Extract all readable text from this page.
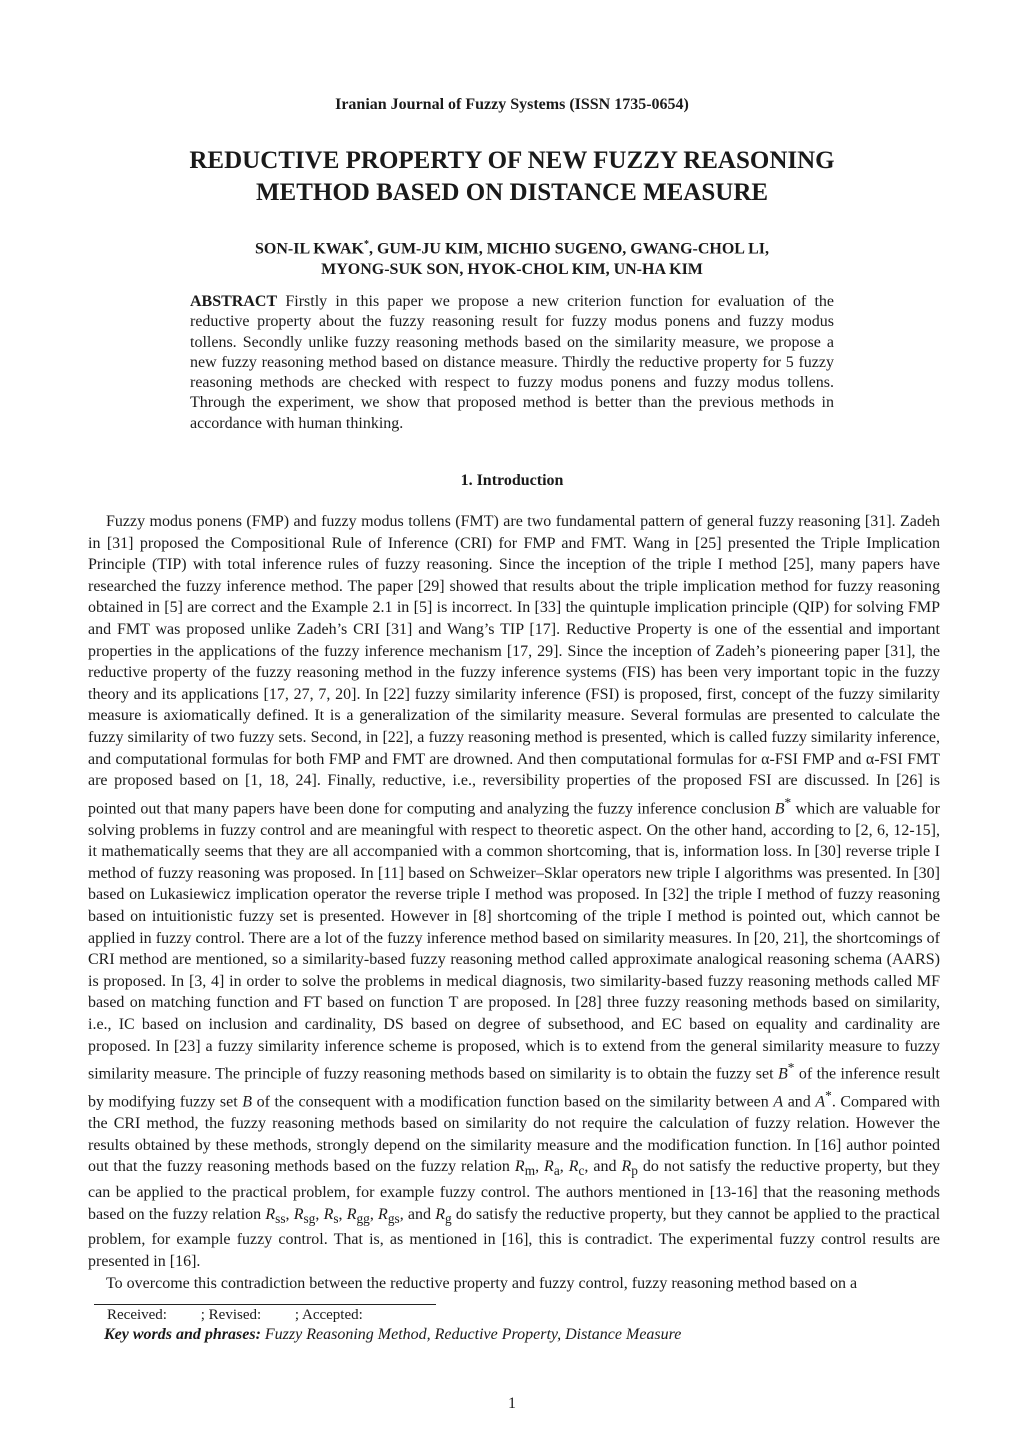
Iranian Journal of Fuzzy Systems (ISSN 1735-0654)
REDUCTIVE PROPERTY OF NEW FUZZY REASONING
METHOD BASED ON DISTANCE MEASURE
SON-IL KWAK*, GUM-JU KIM, MICHIO SUGENO, GWANG-CHOL LI,
MYONG-SUK SON, HYOK-CHOL KIM, UN-HA KIM
ABSTRACT Firstly in this paper we propose a new criterion function for evaluation of the reductive property about the fuzzy reasoning result for fuzzy modus ponens and fuzzy modus tollens. Secondly unlike fuzzy reasoning methods based on the similarity measure, we propose a new fuzzy reasoning method based on distance measure. Thirdly the reductive property for 5 fuzzy reasoning methods are checked with respect to fuzzy modus ponens and fuzzy modus tollens. Through the experiment, we show that proposed method is better than the previous methods in accordance with human thinking.
1. Introduction

Fuzzy modus ponens (FMP) and fuzzy modus tollens (FMT) are two fundamental pattern of general fuzzy reasoning [31]. Zadeh in [31] proposed the Compositional Rule of Inference (CRI) for FMP and FMT. Wang in [25] presented the Triple Implication Principle (TIP) with total inference rules of fuzzy reasoning. Since the inception of the triple I method [25], many papers have researched the fuzzy inference method. The paper [29] showed that results about the triple implication method for fuzzy reasoning obtained in [5] are correct and the Example 2.1 in [5] is incorrect. In [33] the quintuple implication principle (QIP) for solving FMP and FMT was proposed unlike Zadeh’s CRI [31] and Wang’s TIP [17]. Reductive Property is one of the essential and important properties in the applications of the fuzzy inference mechanism [17, 29]. Since the inception of Zadeh’s pioneering paper [31], the reductive property of the fuzzy reasoning method in the fuzzy inference systems (FIS) has been very important topic in the fuzzy theory and its applications [17, 27, 7, 20]. In [22] fuzzy similarity inference (FSI) is proposed, first, concept of the fuzzy similarity measure is axiomatically defined. It is a generalization of the similarity measure. Several formulas are presented to calculate the fuzzy similarity of two fuzzy sets. Second, in [22], a fuzzy reasoning method is presented, which is called fuzzy similarity inference, and computational formulas for both FMP and FMT are drowned. And then computational formulas for α-FSI FMP and α-FSI FMT are proposed based on [1, 18, 24]. Finally, reductive, i.e., reversibility properties of the proposed FSI are discussed. In [26] is pointed out that many papers have been done for computing and analyzing the fuzzy inference conclusion B* which are valuable for solving problems in fuzzy control and are meaningful with respect to theoretic aspect. On the other hand, according to [2, 6, 12-15], it mathematically seems that they are all accompanied with a common shortcoming, that is, information loss. In [30] reverse triple I method of fuzzy reasoning was proposed. In [11] based on Schweizer–Sklar operators new triple I algorithms was presented. In [30] based on Lukasiewicz implication operator the reverse triple I method was proposed. In [32] the triple I method of fuzzy reasoning based on intuitionistic fuzzy set is presented. However in [8] shortcoming of the triple I method is pointed out, which cannot be applied in fuzzy control. There are a lot of the fuzzy inference method based on similarity measures. In [20, 21], the shortcomings of CRI method are mentioned, so a similarity-based fuzzy reasoning method called approximate analogical reasoning schema (AARS) is proposed. In [3, 4] in order to solve the problems in medical diagnosis, two similarity-based fuzzy reasoning methods called MF based on matching function and FT based on function T are proposed. In [28] three fuzzy reasoning methods based on similarity, i.e., IC based on inclusion and cardinality, DS based on degree of subsethood, and EC based on equality and cardinality are proposed. In [23] a fuzzy similarity inference scheme is proposed, which is to extend from the general similarity measure to fuzzy similarity measure. The principle of fuzzy reasoning methods based on similarity is to obtain the fuzzy set B* of the inference result by modifying fuzzy set B of the consequent with a modification function based on the similarity between A and A*. Compared with the CRI method, the fuzzy reasoning methods based on similarity do not require the calculation of fuzzy relation. However the results obtained by these methods, strongly depend on the similarity measure and the modification function. In [16] author pointed out that the fuzzy reasoning methods based on the fuzzy relation $R_m$, $R_a$, $R_c$, and $R_p$ do not satisfy the reductive property, but they can be applied to the practical problem, for example fuzzy control. The authors mentioned in [13-16] that the reasoning methods based on the fuzzy relation $R_{ss}$, $R_{sg}$, $R_s$, $R_{gg}$, $R_{gs}$, and $R_g$ do satisfy the reductive property, but they cannot be applied to the practical problem, for example fuzzy control. That is, as mentioned in [16], this is contradict. The experimental fuzzy control results are presented in [16].

To overcome this contradiction between the reductive property and fuzzy control, fuzzy reasoning method based on a

Received: ; Revised: ; Accepted:
Key words and phrases: Fuzzy Reasoning Method, Reductive Property, Distance Measure
1
